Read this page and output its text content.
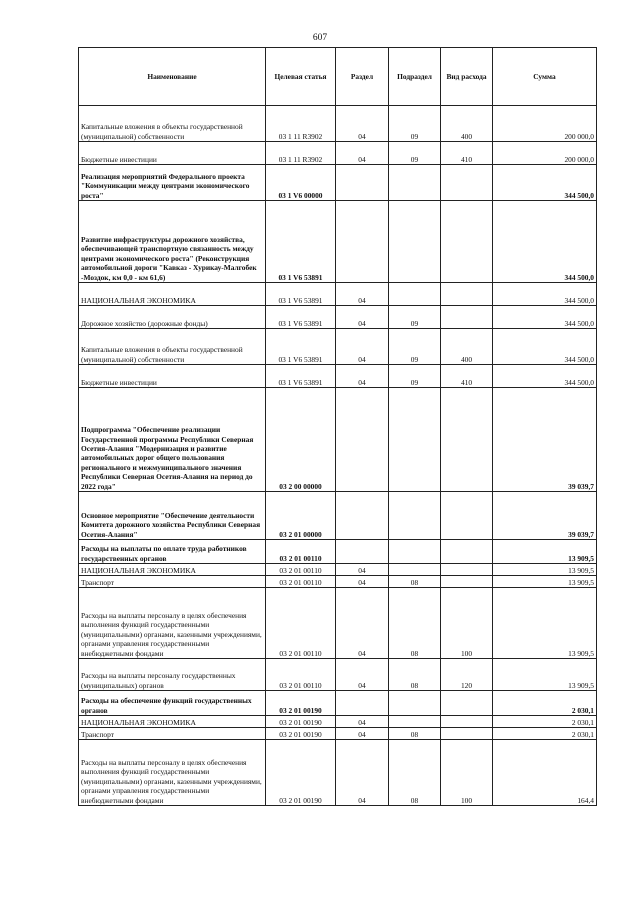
607
Наименование	Целевая статья	Раздел	Подраздел	Вид расхода	Сумма
Капитальные вложения в объекты государственной (муниципальной) собственности	03 1 11 R3902	04	09	400	200 000,0
Бюджетные инвестиции	03 1 11 R3902	04	09	410	200 000,0
Реализация мероприятий Федерального проекта "Коммуникации между центрами экономического роста"	03 1 V6 00000				344 500,0
Развитие инфраструктуры дорожного хозяйства, обеспечивающей транспортную связанность между центрами экономического роста" (Реконструкция автомобильной дороги "Кавказ - Хурикау-Малгобек -Моздок, км 0,0 - км 61,6)	03 1 V6 53891				344 500,0
НАЦИОНАЛЬНАЯ ЭКОНОМИКА	03 1 V6 53891	04			344 500,0
Дорожное хозяйство (дорожные фонды)	03 1 V6 53891	04	09		344 500,0
Капитальные вложения в объекты государственной (муниципальной) собственности	03 1 V6 53891	04	09	400	344 500,0
Бюджетные инвестиции	03 1 V6 53891	04	09	410	344 500,0
Подпрограмма "Обеспечение реализации Государственной программы Республики Северная Осетия-Алания "Модернизация и развитие автомобильных дорог общего пользования регионального и межмуниципального значения Республики Северная Осетия-Алания на период до 2022 года"	03 2 00 00000				39 039,7
Основное мероприятие "Обеспечение деятельности Комитета дорожного хозяйства Республики Северная Осетия-Алания"	03 2 01 00000				39 039,7
Расходы на выплаты по оплате труда работников государственных органов	03 2 01 00110				13 909,5
НАЦИОНАЛЬНАЯ ЭКОНОМИКА	03 2 01 00110	04			13 909,5
Транспорт	03 2 01 00110	04	08		13 909,5
Расходы на выплаты персоналу в целях обеспечения выполнения функций государственными (муниципальными) органами, казенными учреждениями, органами управления государственными внебюджетными фондами	03 2 01 00110	04	08	100	13 909,5
Расходы на выплаты персоналу государственных (муниципальных) органов	03 2 01 00110	04	08	120	13 909,5
Расходы на обеспечение функций государственных органов	03 2 01 00190				2 030,1
НАЦИОНАЛЬНАЯ ЭКОНОМИКА	03 2 01 00190	04			2 030,1
Транспорт	03 2 01 00190	04	08		2 030,1
Расходы на выплаты персоналу в целях обеспечения выполнения функций государственными (муниципальными) органами, казенными учреждениями, органами управления государственными внебюджетными фондами	03 2 01 00190	04	08	100	164,4
